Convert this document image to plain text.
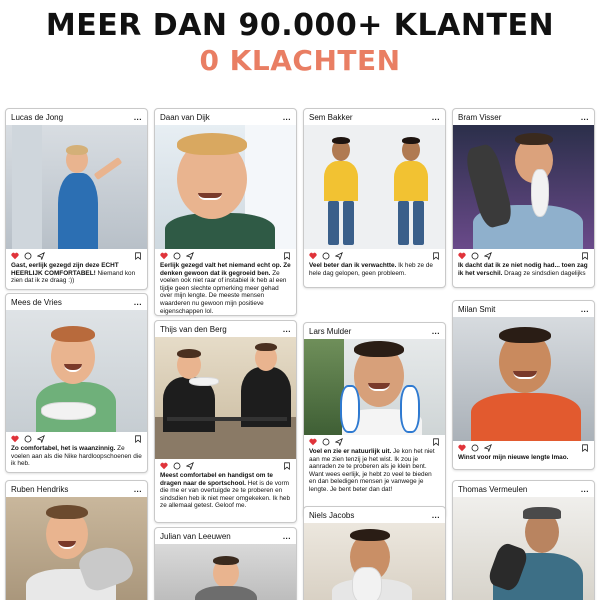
MEER DAN 90.000+ KLANTEN
0 KLACHTEN
Lucas de Jong	...
Gast, eerlijk gezegd zijn deze ECHT HEERLIJK COMFORTABEL! Niemand kon zien dat ik ze draag :))
Mees de Vries	...
Zo comfortabel, het is waanzinnig. Ze voelen aan als die Nike hardloopschoenen die ik heb.
Ruben Hendriks	...
Daan van Dijk	...
Eerlijk gezegd valt het niemand echt op. Ze denken gewoon dat ik gegroeid ben. Ze voelen ook niet raar of instabiel ik heb al een tijdje geen slechte opmerking meer gehad over mijn lengte. De meeste mensen waarderen nu gewoon mijn positieve eigenschappen lol.
Thijs van den Berg	...
Meest comfortabel en handigst om te dragen naar de sportschool. Het is de vorm die me er van overtuigde ze te proberen en sindsdien heb ik niet meer omgekeken. Ik heb ze allemaal getest. Geloof me.
Julian van Leeuwen	...
Sem Bakker	...
Veel beter dan ik verwachtte. Ik heb ze de hele dag gelopen, geen probleem.
Lars Mulder	...
Voel en zie er natuurlijk uit. Je kon het niet aan me zien tenzij je het wist. Ik zou je aanraden ze te proberen als je klein bent. Want wees eerlijk, je hebt zo veel te bieden en dan beledigen mensen je vanwege je lengte. Je bent beter dan dat!
Niels Jacobs	...
Bram Visser	...
Ik dacht dat ik ze niet nodig had... toen zag ik het verschil. Draag ze sindsdien dagelijks
Milan Smit	...
Winst voor mijn nieuwe lengte lmao.
Thomas Vermeulen	...
